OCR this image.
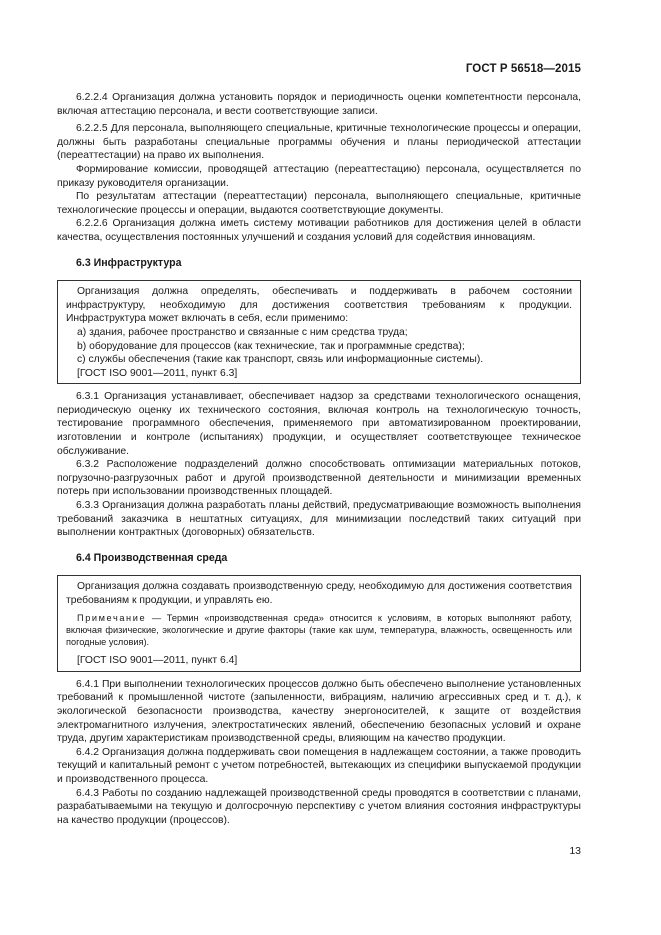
ГОСТ Р 56518—2015

6.2.2.4 Организация должна установить порядок и периодичность оценки компетентности персонала, включая аттестацию персонала, и вести соответствующие записи.

6.2.2.5 Для персонала, выполняющего специальные, критичные технологические процессы и операции, должны быть разработаны специальные программы обучения и планы периодической аттестации (переаттестации) на право их выполнения.

Формирование комиссии, проводящей аттестацию (переаттестацию) персонала, осуществляется по приказу руководителя организации.

По результатам аттестации (переаттестации) персонала, выполняющего специальные, критичные технологические процессы и операции, выдаются соответствующие документы.

6.2.2.6 Организация должна иметь систему мотивации работников для достижения целей в области качества, осуществления постоянных улучшений и создания условий для содействия инновациям.

6.3 Инфраструктура

Организация должна определять, обеспечивать и поддерживать в рабочем состоянии инфраструктуру, необходимую для достижения соответствия требованиям к продукции. Инфраструктура может включать в себя, если применимо:

a) здания, рабочее пространство и связанные с ним средства труда;

b) оборудование для процессов (как технические, так и программные средства);

c) службы обеспечения (такие как транспорт, связь или информационные системы).

[ГОСТ ISO 9001—2011, пункт 6.3]

6.3.1 Организация устанавливает, обеспечивает надзор за средствами технологического оснащения, периодическую оценку их технического состояния, включая контроль на технологическую точность, тестирование программного обеспечения, применяемого при автоматизированном проектировании, изготовлении и контроле (испытаниях) продукции, и осуществляет соответствующее техническое обслуживание.

6.3.2 Расположение подразделений должно способствовать оптимизации материальных потоков, погрузочно-разгрузочных работ и другой производственной деятельности и минимизации временных потерь при использовании производственных площадей.

6.3.3 Организация должна разработать планы действий, предусматривающие возможность выполнения требований заказчика в нештатных ситуациях, для минимизации последствий таких ситуаций при выполнении контрактных (договорных) обязательств.

6.4 Производственная среда

Организация должна создавать производственную среду, необходимую для достижения соответствия требованиям к продукции, и управлять ею.

Примечание — Термин «производственная среда» относится к условиям, в которых выполняют работу, включая физические, экологические и другие факторы (такие как шум, температура, влажность, освещенность или погодные условия).

[ГОСТ ISO 9001—2011, пункт 6.4]

6.4.1 При выполнении технологических процессов должно быть обеспечено выполнение установленных требований к промышленной чистоте (запыленности, вибрациям, наличию агрессивных сред и т. д.), к экологической безопасности производства, качеству энергоносителей, к защите от воздействия электромагнитного излучения, электростатических явлений, обеспечению безопасных условий и охране труда, другим характеристикам производственной среды, влияющим на качество продукции.

6.4.2 Организация должна поддерживать свои помещения в надлежащем состоянии, а также проводить текущий и капитальный ремонт с учетом потребностей, вытекающих из специфики выпускаемой продукции и производственного процесса.

6.4.3 Работы по созданию надлежащей производственной среды проводятся в соответствии с планами, разрабатываемыми на текущую и долгосрочную перспективу с учетом влияния состояния инфраструктуры на качество продукции (процессов).

13
